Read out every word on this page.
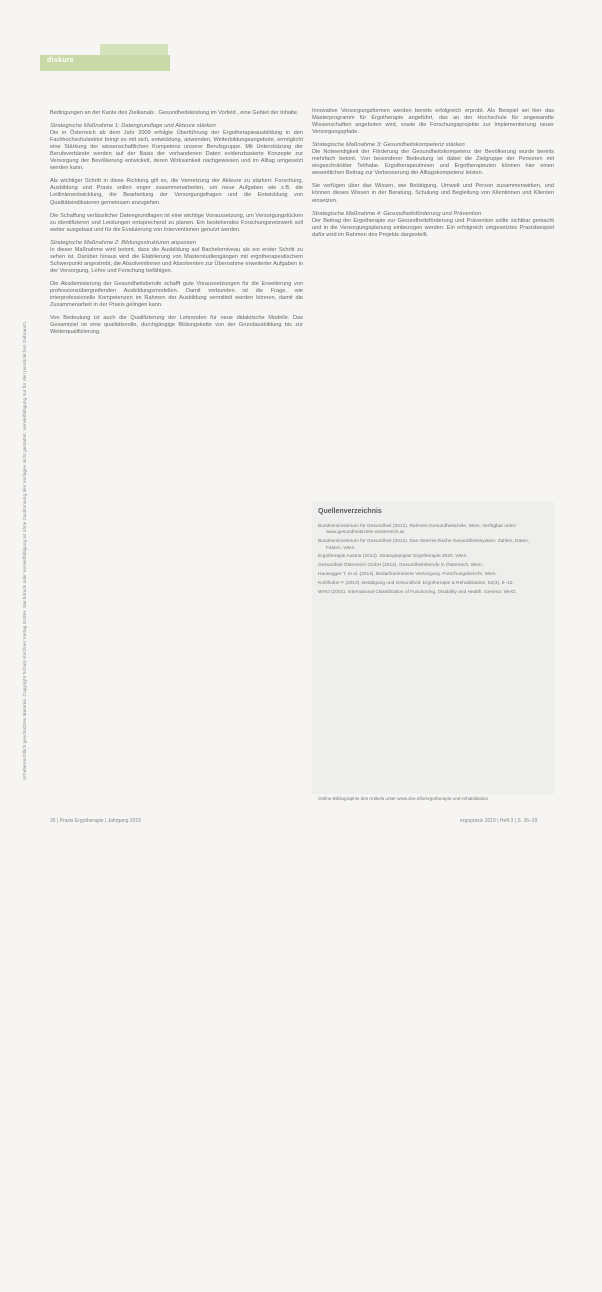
diskurs
Urheberrechtlich geschütztes Material. Copyright Schulz-Kirchner Verlag GmbH. Nachdruck oder Vervielfältigung ist ohne Zustimmung des Verlages nicht gestattet. Vervielfältigung nur für den persönlichen Gebrauch.

Bedingungen an der Kante des Zielkanals . Gesundheitsleistung im Vorfeld , eine Gebiet der Inhalte.

Strategische Maßnahme 1: Datengrundlage und Akteure stärken

Die in Österreich ab dem Jahr 2009 erfolgte Überführung der Ergotherapieausbildung in den Fachhochschulsektor bringt es mit sich, entwicklung, anwenden, Weiterbildungsangebote, ermöglicht eine Stärkung der wissenschaftlichen Kompetenz unserer Berufsgruppe. Mit Unterstützung der Berufsverbände werden auf der Basis der vorhandenen Daten evidenzbasierte Konzepte zur Versorgung der Bevölkerung entwickelt, deren Wirksamkeit nachgewiesen und im Alltag umgesetzt werden kann.

Als wichtiger Schritt in diese Richtung gilt es, die Vernetzung der Akteure zu stärken: Forschung, Ausbildung und Praxis sollen enger zusammenarbeiten, um neue Aufgaben wie z.B. die Leitlinienentwicklung, die Bearbeitung der Versorgungsfragen und die Entwicklung von Qualitätsindikatoren gemeinsam anzugehen.

Die Schaffung verlässlicher Datengrundlagen ist eine wichtige Voraussetzung, um Versorgungslücken zu identifizieren und Leistungen entsprechend zu planen. Ein bestehendes Forschungsnetzwerk soll weiter ausgebaut und für die Evaluierung von Interventionen genutzt werden.

Strategische Maßnahme 2: Bildungsstrukturen anpassen

In dieser Maßnahme wird betont, dass die Ausbildung auf Bachelorniveau als ein erster Schritt zu sehen ist. Darüber hinaus wird die Etablierung von Masterstudiengängen mit ergotherapeutischem Schwerpunkt angestrebt, die Absolventinnen und Absolventen zur Übernahme erweiterter Aufgaben in der Versorgung, Lehre und Forschung befähigen.

Die Akademisierung der Gesundheitsberufe schafft gute Voraussetzungen für die Erweiterung von professionsübergreifenden Ausbildungsmodellen. Damit verbunden ist die Frage, wie interprofessionelle Kompetenzen im Rahmen der Ausbildung vermittelt werden können, damit die Zusammenarbeit in der Praxis gelingen kann.

Von Bedeutung ist auch die Qualifizierung der Lehrenden für neue didaktische Modelle. Das Gesamtziel ist eine qualitätsvolle, durchgängige Bildungskette von der Grundausbildung bis zur Weiterqualifizierung.

Innovative Versorgungsformen werden bereits erfolgreich erprobt. Als Beispiel sei hier das Masterprogramm für Ergotherapie angeführt, das an der Hochschule für angewandte Wissenschaften angeboten wird, sowie die Forschungsprojekte zur Implementierung neuer Versorgungspfade.

Strategische Maßnahme 3: Gesundheitskompetenz stärken

Die Notwendigkeit der Förderung der Gesundheitskompetenz der Bevölkerung wurde bereits mehrfach betont. Von besonderer Bedeutung ist dabei die Zielgruppe der Personen mit eingeschränkter Teilhabe. Ergotherapeutinnen und Ergotherapeuten können hier einen wesentlichen Beitrag zur Verbesserung der Alltagskompetenz leisten.

Sie verfügen über das Wissen, wie Betätigung, Umwelt und Person zusammenwirken, und können dieses Wissen in der Beratung, Schulung und Begleitung von Klientinnen und Klienten einsetzen.

Strategische Maßnahme 4: Gesundheitsförderung und Prävention

Der Beitrag der Ergotherapie zur Gesundheitsförderung und Prävention sollte sichtbar gemacht und in die Versorgungsplanung einbezogen werden. Ein erfolgreich umgesetztes Praxisbeispiel dafür wird im Rahmen des Projekts dargestellt.

Quellenverzeichnis
Bundesministerium für Gesundheit (2012). Rahmen-Gesundheitsziele. Wien. Verfügbar unter: www.gesundheitsziele-oesterreich.at
Bundesministerium für Gesundheit (2013). Das österreichische Gesundheitssystem. Zahlen, Daten, Fakten. Wien.
Ergotherapie Austria (2014). Strategiepapier Ergotherapie 2020. Wien.
Gesundheit Österreich GmbH (2012). Gesundheitsberufe in Österreich. Wien.
Hausegger T, et al. (2014). Bedarfsorientierte Versorgung. Forschungsbericht. Wien.
Kohlhuber F (2013). Betätigung und Gesundheit. Ergotherapie & Rehabilitation, 52(3), 8–12.
WHO (2001). International Classification of Functioning, Disability and Health. Geneva: WHO.
Online-Bibliographie des Artikels unter www.dve.info/ergotherapie-und-rehabilitation
26 | Praxis Ergotherapie | Jahrgang 2015	ergopraxis 2015 | Heft 3 | S. 26–29
